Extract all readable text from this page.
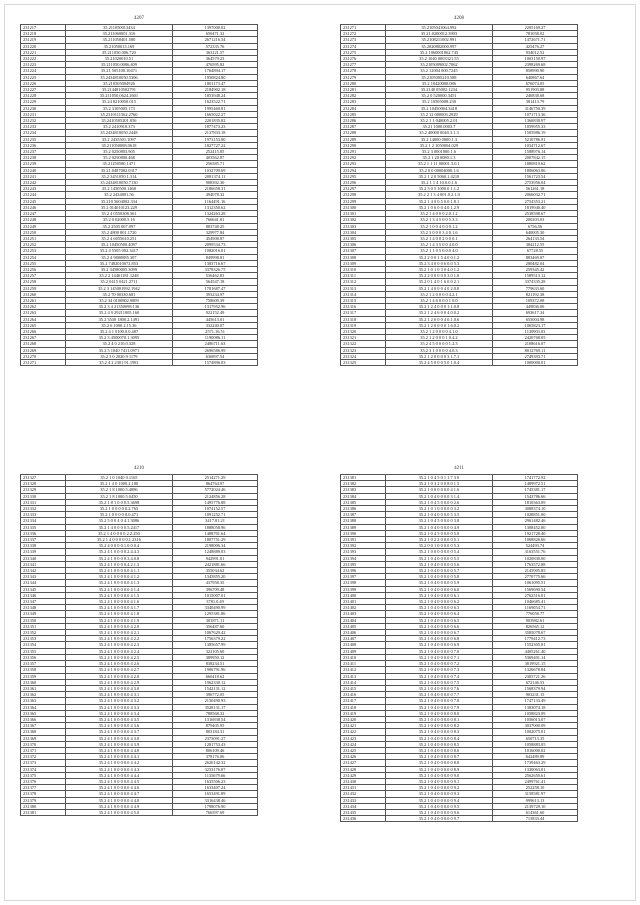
4207
231217	35.211050013434	1397000.02
231218	35.211060001.316	650471.32
231219	35.211050401.580	2671216.54
231220	35.21050013.169	572335.76
231221	35.211050.006.720	363121.57
231222	35.21020010.51	364579.23
231223	35.211050.0006.409	476595.82
231224	35.21 505100.10471	1764894.17
231225	35.2434810050.5306	1950824.80
231226	35.210505004926	1801173.47
231227	35.2144810502791	2184902.18
231228	35.211050.0624.2601	1853948.24
231229	35.24 8210050.015	1623522.71
231230	35.2 3105005.173	1995460.81
231231	35.2310111562.2760	1665022.27
231232	35.2410505201.056	2201835.82
231233	35.2 2410910.373	1877473.23
231234	35.2434810050.2448	2137833.18
231235	35.2 2435501.1097	1973153.80
231236	35.211050008.0618	1827727.22
231237	35.2 0250803.905	252415.85
231238	35.2 0250800.468	403562.87
231239	35.21250580.1471	256585.71
231240	35.21.0487082.0317	1032709.69
231241	35.2 3451050.1.314	2081374.11
231242	35.2434810050.7130	908392.30
231243	35.2 1450500.1468	2186658.31
231244	35.2 2434801.56	494078.32
231245	35.210 5604002.334	1164491.16
231246	35.2 014010123.229	1312350.62
231247	35.2 4 0550308.361	1324263.28
231248	35.2 0 02000.5.16	766641.81
231249	35.2 2505 007.097	883748.25
231250	35.2 4800 801.1720	329977.84
231251	35.2 4 6055610.251	454908.87
231252	35.2 10450500.4097	2099534.73
231253	35.2 4 5505 002.3417	1082016.01
231254	35.2 4 9800885.307	849998.81
231255	35.2 7482010072.853	1383716.67
231256	35.2 34580005.3099	3378326.75
231257	35.2 2 14461181.1248	536462.83
231258	35.2 0415 0421.2711	564547.18
231259	35.2 3 145001992.1942	1781687.47
231260	35.2 70 00330.681	393234.97
231261	35.2 34 0100802.9809	758609.39
231262	35.2 3 4 21350098.136	1317952.96
231263	35.2 4 9 29211005.160	922152.49
231264	35.2 3530 1800.2.1491	445613.01
231265	35.2 6 1000.2.15.36	332240.07
231266	35.2 4 1 0100.0.0.487	2571.16.51
231267	35.2 3 4500070.1.3095	1190086.11
231268	35.2 4 0 210.0.328	2486711.63
231269	35.2 5 1040 7411.0971	2696586.99
231270	35.2 3 0 2020.9 1179	636897.54
231271	35.2 4 2 2301 91.1981	1574896.03
4208
231271	35.2105041064.992	2205169.27
231272	35.21.0200012.3903	781058.02
231273	35.2108211002.991	1472671.71
231274	35.2020802000.997	425476.27
231275	35.2 1060001862.745	934012.52
231276	35.2 1040 0003321.55	1003150.97
231277	35.2105009002.7062	2398269.68
231278	35.2 12004 000.7245	858990.90
231279	35.2105005210.588	640867.64
231280	35.2 10420000.086	676074.05
231281	35.2140 05002.1234	951903.88
231282	35.2 0 520000.3451	246838.68
231283	35.2 10505008.230	381413.79
231284	35.2 10450004.3418	3146750.39
231285	35.2 12 000003.2929	1071713.36
231286	35.2 1 1 040005.2.01	1366830.97
231287	35.21 1000.0003.7	1059955.33
231288	35.2 40000 0040.3.1.3	1505986.19
231289	35.2 14000 0000.1.3	5210786.91
231290	35.2 1 2 1050004.029	1034712.67
231291	35.2 3 0001800.1.6	1588976.14
231292	35.2 1 20 0080.1.3	2007842.15
231293	35.2 1 1 11 00001.3.0.1	1880810.62
231294	35.2 0 0 00004000.1.6	1806063.86
231295	35.2 1 2 0 5060.1.4210	1561723.54
231296	35.2 1 1 4 10.0.0.1.6	2753956.04
231297	35.2 3 0 5 1000.0 1.1.2	561261.18
231298	35.2 2 1 3 4 001.0.2.1.0	2066032.71
231299	35.2 1 4 0 0.5 0.0.1.8.1	2754353.21
231300	35.2 1 0 6 0 0 4.0.1.2.9	1819940.40
231301	35.2 1 4 0 0 0 2.0.1.2	2538598.67
231302	35.2 1 3 4 5 0 0 5.3.3	200203.03
231303	35.2 1 0 0 4 0 0 0.1.2	6756.56
231304	35.2 3 0 0 0 3 4 0.1.6	640005.30
231305	35.2 1 4 0 0 2 0 0 0.1	264133.54
231306	35.2 1 4 3 5 0 0 4.0.0	384212.55
231307	35.2 1 1 0 5 0.0.0 4.0	67728.55
231308	35.2 2 0 0 1 5 4.0 0.1.2	883469.07
231309	35.2 3 4 0 0 0 6 0.0 5.3	280482.04
231310	35.2 1 0 1 0 3 0 4.0 1.2	259345.42
231311	35.2 2 0 0 0 0 0 3.0 1.8	1589513.12
231312	35.2 0 1 4 0 1 6 0.0 2.1	3374335.28
231313	35.2 1 4 0 0 0 4 0 2.0.0	779633.60
231314	35.2 1 2 0 0 0 0 4.2.1	821192.38
231315	35.2 1 4 6 0 0 0 1 0.0	109372.08
231316	35.2 1 2 4 0 0 0 1.1.0.8	449836.06
231317	35.2 1 2 4 6 0 0 4.0.0.2	693617.34
231318	35.2 1 2 0 0 0 4 0.1.0.6	655004.98
231319	35.2 1 2 0 0 0 0 1.6.0.2	1065823.17
231320	35.2 1 2 0 0 0 0 4.1.0	1130903.03
231321	35.2 1 2 0 0 0 1 0.4.2	2420768.05
231322	35.2 4 5 0 0 0 0 1.2.3	2108616.07
231323	35.2 3 1 0 0 0 0 4.0.3	8012769.11
231324	35.2 1 2 0 0 0 0 3 1.7.1	2749393.71
231325	35.2 4 5 0 0 0 5.0 1.0.4	1000000.01
4210
231327	35.2 1 0 1040 0.1165	2514271.29
231328	35.2 1 4 0 1000.2.180	864764.97
231329	35.2 1 8 1000.5.4886	5772024.46
231330	35.2 1 8 1000.5.0450	2124856.28
231331	35.2 1 8 1 0 0 0.5.3698	1495776.88
231332	35.2 1 0 0 0 0 0.2.765	1074152.57
231333	35.2 1 0 0 0 0 0.0.471	1091252.71
231334	35.2 5 0 0 4 0 4.1.3086	3417.81.21
231335	35.2 1 4 0 0 0 0.5.2417	1888058.96
231336	35.2 1 4 0 0 0 0.2.2.250	1488701.64
231337	35.2 1 4 0 0 0 0 0.1.2316	1807751.29
231338	35.2 4 0 0 0 0.1.0.0.0.4	2198006.34
231339	35.2 4 1 0 0 0 0.2.4.4.3	1248889.03
231340	35.2 4 1 0 0 0 0.3.4.0.8	942991.01
231341	35.2 4 1 0 0 0 0.4.2.1.3	2421881.66
231342	35.2 4 1 0 0 0 0.0 4 1.1	355034.62
231343	35.2 4 1 0 0 0 0.0 4 1.2	1345855.20
231344	35.2 4 1 0 0 0 0.0 4 1.3	437958.35
231345	35.2 4 1 0 0 0 0.0 4 1.4	396709.48
231346	35.2 4 1 0 0 0 0.0 4 1.5	1015007.01
231347	35.2 4 1 0 0 0 0.0 4 1.6	3781.0.49
231348	35.2 4 1 0 0 0 0.0 4 1.7	3340490.99
231349	35.2 4 1 0 0 0 0.0 4 1.8	1295381.86
231350	35.2 4 1 0 0 0 0.0 4 1.9	301871.11
231351	35.2 4 1 0 0 0 0.0 4 2.0	356487.60
231352	35.2 4 1 0 0 0 0.0 4 2.1	1067629.42
231353	35.2 4 1 0 0 0 0.0 4 2.2	1756379.22
231354	35.2 4 1 0 0 0 0.0 4 2.3	1385657.99
231355	35.2 4 1 0 0 0 0.0 4 2.4	322105.60
231356	35.2 4 1 0 0 0 0.0 4 2.5	389950.12
231357	35.2 4 1 0 0 0 0.0 4 2.6	838234.51
231358	35.2 4 1 0 0 0 0.0 4 2.7	1906791.96
231359	35.2 4 1 0 0 0 0.0 4 2.8	660418.62
231360	35.2 4 1 0 0 0 0.0 4 2.9	1962330.12
231361	35.2 4 1 0 0 0 0.0 4 3.0	1542131.12
231362	35.2 4 1 0 0 0 0.0 4 3.1	396772.05
231363	35.2 4 1 0 0 0 0.0 4 3.2	2150490.93
231364	35.2 4 1 0 0 0 0.0 4 3.3	3528131.17
231365	35.2 4 1 0 0 0 0.0 4 3.4	788568.32
231366	35.2 4 1 0 0 0 0.0 4 3.5	1316838.54
231367	35.2 4 1 0 0 0 0.0 4 3.6	879405.95
231368	35.2 4 1 0 0 0 0.0 4 3.7	803184.31
231369	35.2 4 1 0 0 0 0.0 4 3.8	2373091.27
231370	35.2 4 1 0 0 0 0.0 4 3.9	1281753.43
231371	35.2 4 1 0 0 0 0.0 4 4.0	806109.46
231372	35.2 4 1 0 0 0 0.0 4 4.1	378176.06
231373	35.2 4 1 0 0 0 0.0 4 4.2	2626142.32
231374	35.2 4 1 0 0 0 0.0 4 4.3	3233176.87
231375	35.2 4 1 0 0 0 0.0 4 4.4	1135679.66
231376	35.2 4 1 0 0 0 0.0 4 4.5	1635506.23
231377	35.2 4 1 0 0 0 0.0 4 4.6	1633407.24
231378	35.2 4 1 0 0 0 0.0 4 4.7	1653491.89
231379	35.2 4 1 0 0 0 0.0 4 4.8	3316438.46
231380	35.2 4 1 0 0 0 0.0 4 4.9	1798076.90
231381	35.2 4 1 0 0 0 0.0 4 5.0	766597.69
4211
231381	35.2 1 0 4 5 0 1 1.7 3 0	1741772.92
231382	35.2 1 0 3 2 0 0 8.0 1 5	1489972.51
231383	35.2 1 0 0 0 0 0.0 4 1.6	1745381.17
231384	35.2 1 0 4 0 0 0.0 3 1.4	1543786.66
231385	35.2 1 0 4 5 0 0.0 0 2.6	1810363.09
231386	35.2 1 0 1 0 0 0.0 0 3.2	3088374.10
231387	35.2 1 0 4 0 0 0.0 5 3.5	1028851.00
231388	35.2 1 0 4 5 0 0.0 0 3.8	2961482.46
231389	35.2 1 0 4 0 0 0.0 0 4.9	1308452.00
231390	35.2 1 0 4 5 0 0.0 0 5.0	1921728.40
231391	35.2 1 0 2 2 0 0.0 0 5.1	1068826.66
231392	35.2 0 0 1 0 0 0.0 0 5.3	524493.74
231393	35.2 1 0 0 0 0 0.0 0 5.4	3163551.76
231394	35.2 1 0 4 0 0 0.0 0 5.5	1020830.00
231395	35.2 1 0 4 0 0 0.0 0 5.6	1763572.88
231396	35.2 1 0 4 0 0 0.0 0 5.7	2145905.85
231397	35.2 1 0 4 0 0 0.0 0 5.8	2770775.66
231398	35.2 1 0 4 0 0 0.0 0 5.9	1061095.51
231399	35.2 1 0 4 0 0 0.0 0 6.0	1569690.54
231400	35.2 1 0 4 0 0 0.0 0 6.1	2762516.01
231401	35.2 1 0 4 0 0 0.0 0 6.2	1046685.41
231402	35.2 1 0 4 0 0 0.0 0 6.3	1169054.71
231403	35.2 1 0 4 0 0 0.0 0 6.4	776058.77
231404	35.2 1 0 4 0 0 0.0 0 6.5	903982.61
231405	35.2 1 0 4 0 0 0.0 0 6.6	826565.12
231406	35.2 1 0 4 0 0 0.0 0 6.7	3585078.67
231407	35.2 1 0 4 0 0 0.0 0 6.8	1779412.73
231408	35.2 1 0 4 0 0 0.0 0 6.9	1552305.81
231409	35.2 1 0 4 0 0 0.0 0 7.0	4405261.40
231410	35.2 1 0 4 0 0 0.0 0 7.1	5369401.14
231411	35.2 1 0 4 0 0 0.0 0 7.2	3819921.15
231412	35.2 1 0 4 0 0 0.0 0 7.3	1326678.84
231413	35.2 1 0 4 0 0 0.0 0 7.4	2305721.26
231414	35.2 1 0 4 0 0 0.0 0 7.5	672146.53
231415	35.2 1 0 4 0 0 0.0 0 7.6	1568379.94
231416	35.2 1 0 4 0 0 0.0 0 7.7	903231.15
231417	35.2 1 0 4 0 0 0.0 0 7.8	1747133.49
231418	35.2 1 0 4 0 0 0.0 0 7.9	1383074.18
231419	35.2 1 0 4 0 0 0.0 0 8.0	1058823.09
231420	35.2 1 0 4 0 0 0.0 0 8.1	1056013.07
231421	35.2 1 0 4 0 0 0.0 0 8.2	3037000.09
231422	35.2 1 0 4 0 0 0.0 0 8.3	1002075.01
231423	35.2 1 0 4 0 0 0.0 0 8.4	650713.35
231424	35.2 1 0 4 0 0 0.0 0 8.5	1058883.05
231425	35.2 1 0 4 0 0 0.0 0 8.6	1016000.02
231426	35.2 1 0 4 0 0 0.0 0 8.7	642489.89
231427	35.2 1 0 4 0 0 0.0 0 8.8	1739463.29
231428	35.2 1 0 4 0 0 0.0 0 8.9	1330063.01
231429	35.2 1 0 4 0 0 0.0 0 9.0	2562650.61
231430	35.2 1 0 4 0 0 0.0 0 9.1	2499761.41
231431	35.2 1 0 4 0 0 0.0 0 9.2	252258.10
231432	35.2 1 0 4 0 0 0.0 0 9.3	3158581.97
231433	35.2 1 0 4 0 0 0.0 0 9.4	999613.13
231434	35.2 1 0 4 0 0 0.0 0 9.5	2139729.10
231435	35.2 1 0 4 0 0 0.0 0 9.6	614361.60
231436	35.2 1 0 4 0 0 0.0 0 9.7	715833.44
